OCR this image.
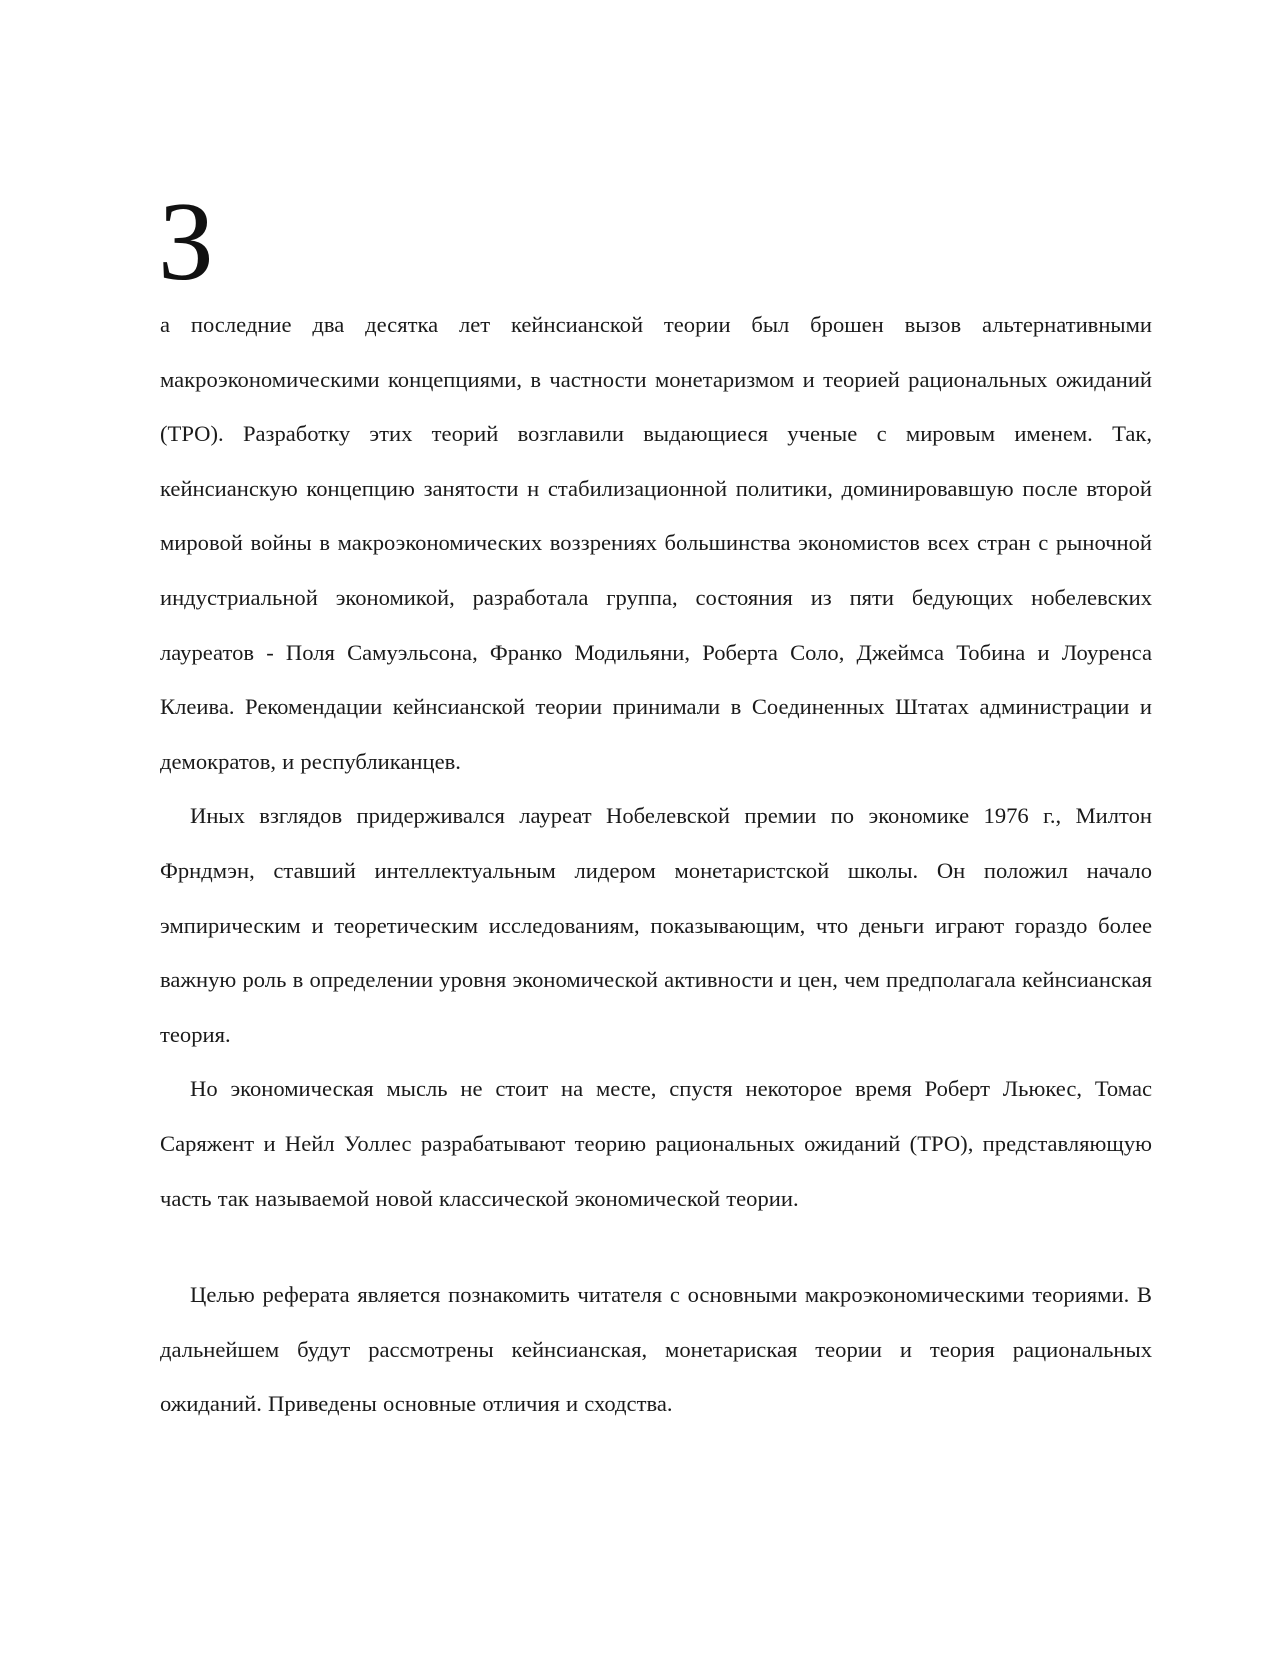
З

а последние два десятка лет кейнсианской теории был брошен вызов альтернативными макроэкономическими концепциями, в частности монетаризмом и теорией рациональных ожиданий (ТРО). Разработку этих теорий возглавили выдающиеся ученые с мировым именем. Так, кейнсианскую концепцию занятости н стабилизационной политики, доминировавшую после второй мировой войны в макроэкономических воззрениях большинства экономистов всех стран с рыночной индустриальной экономикой, разработала группа, состояния из пяти бедующих нобелевских лауреатов - Поля Самуэльсона, Франко Модильяни, Роберта Соло, Джеймса Тобина и Лоуренса Клеива. Рекомендации кейнсианской теории принимали в Соединенных Штатах администрации и демократов, и республиканцев.

Иных взглядов придерживался лауреат Нобелевской премии по экономике 1976 г., Милтон Фрндмэн, ставший интеллектуальным лидером монетаристской школы. Он положил начало эмпирическим и теоретическим исследованиям, показывающим, что деньги играют гораздо более важную роль в определении уровня экономической активности и цен, чем предполагала кейнсианская теория.

Но экономическая мысль не стоит на месте, спустя некоторое время Роберт Льюкес, Томас Саряжент и Нейл Уоллес разрабатывают теорию рациональных ожиданий (ТРО), представляющую часть так называемой новой классической экономической теории.

Целью реферата является познакомить читателя с основными макроэкономическими теориями. В дальнейшем будут рассмотрены кейнсианская, монетариская теории и теория рациональных ожиданий. Приведены основные отличия и сходства.
